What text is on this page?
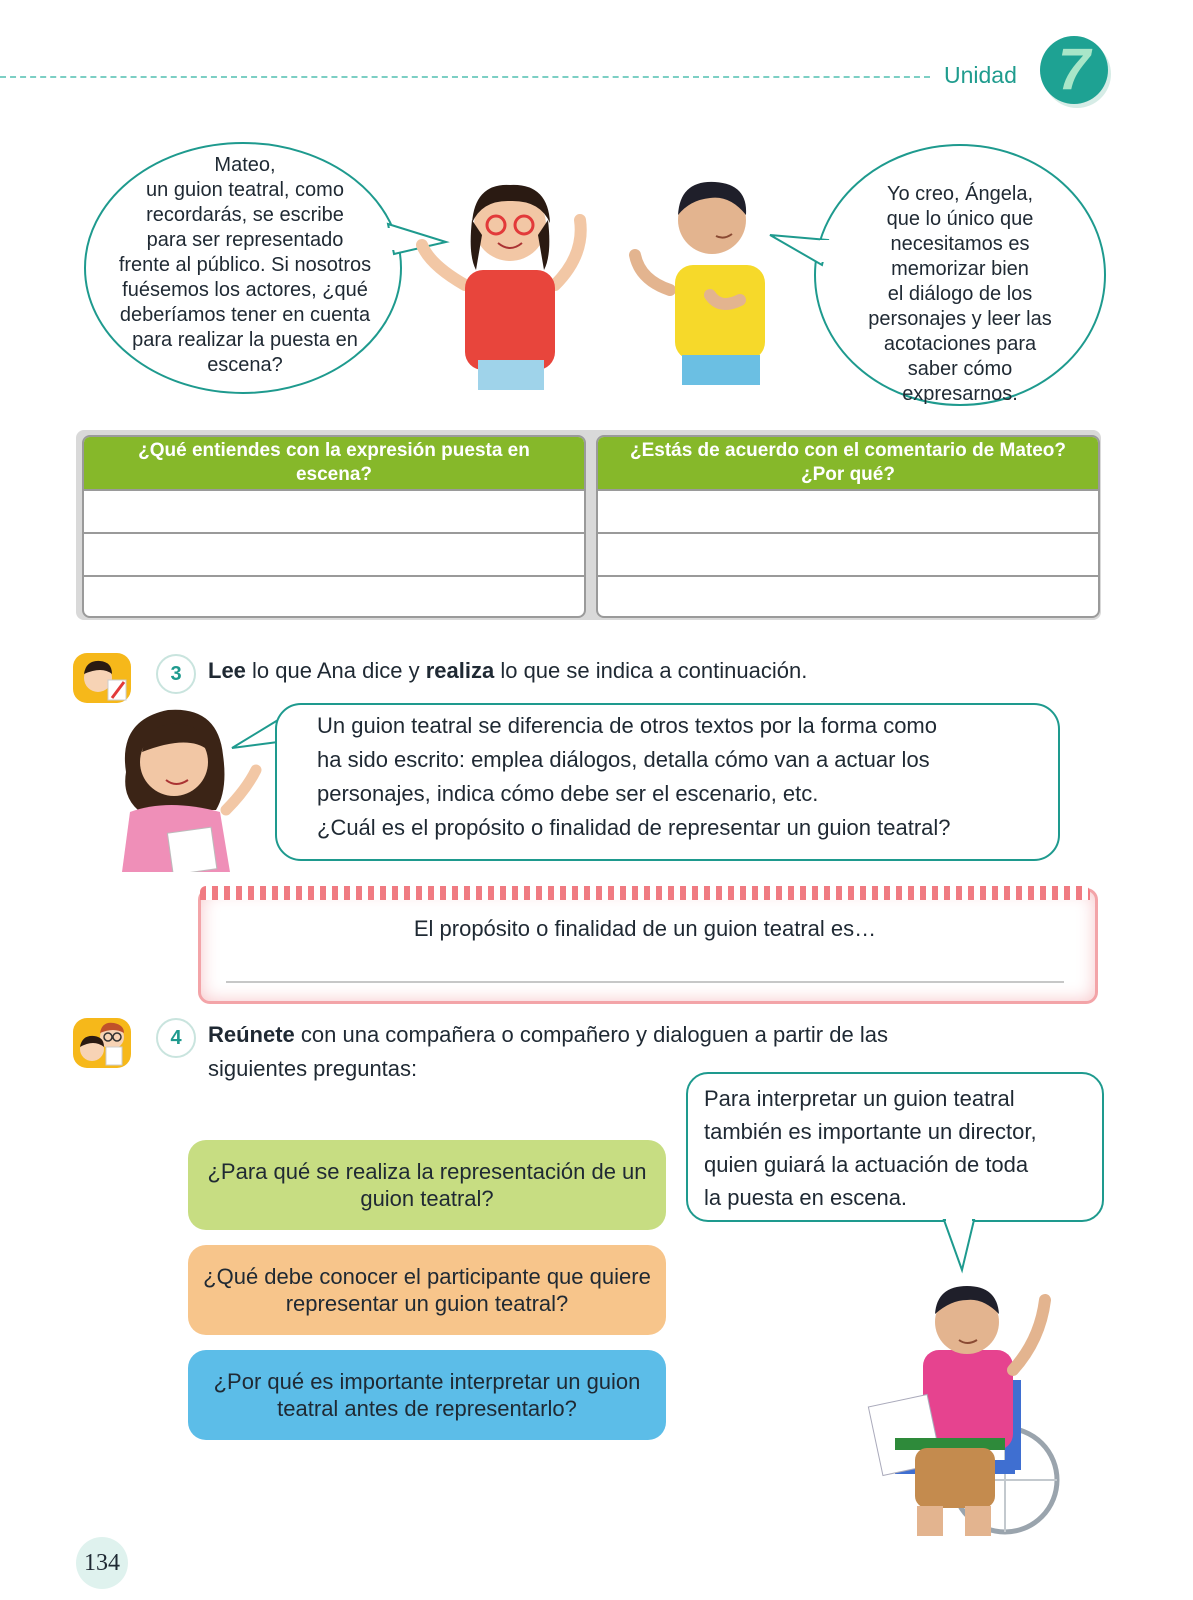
Unidad 7
Mateo,
un guion teatral, como
recordarás, se escribe
para ser representado
frente al público. Si nosotros
fuésemos los actores, ¿qué
deberíamos tener en cuenta
para realizar la puesta en
escena?
Yo creo, Ángela,
que lo único que
necesitamos es
memorizar bien
el diálogo de los
personajes y leer las
acotaciones para
saber cómo
expresarnos.
¿Qué entiendes con la expresión puesta en escena?
¿Estás de acuerdo con el comentario de Mateo? ¿Por qué?
3	Lee lo que Ana dice y realiza lo que se indica a continuación.
Un guion teatral se diferencia de otros textos por la forma como
ha sido escrito: emplea diálogos, detalla cómo van a actuar los
personajes, indica cómo debe ser el escenario, etc.
¿Cuál es el propósito o finalidad de representar un guion teatral?
El propósito o finalidad de un guion teatral es…
4	Reúnete con una compañera o compañero y dialoguen a partir de las
siguientes preguntas:
¿Para qué se realiza la representación de un guion teatral?
¿Qué debe conocer el participante que quiere representar un guion teatral?
¿Por qué es importante interpretar un guion teatral antes de representarlo?
Para interpretar un guion teatral
también es importante un director,
quien guiará la actuación de toda
la puesta en escena.
134
